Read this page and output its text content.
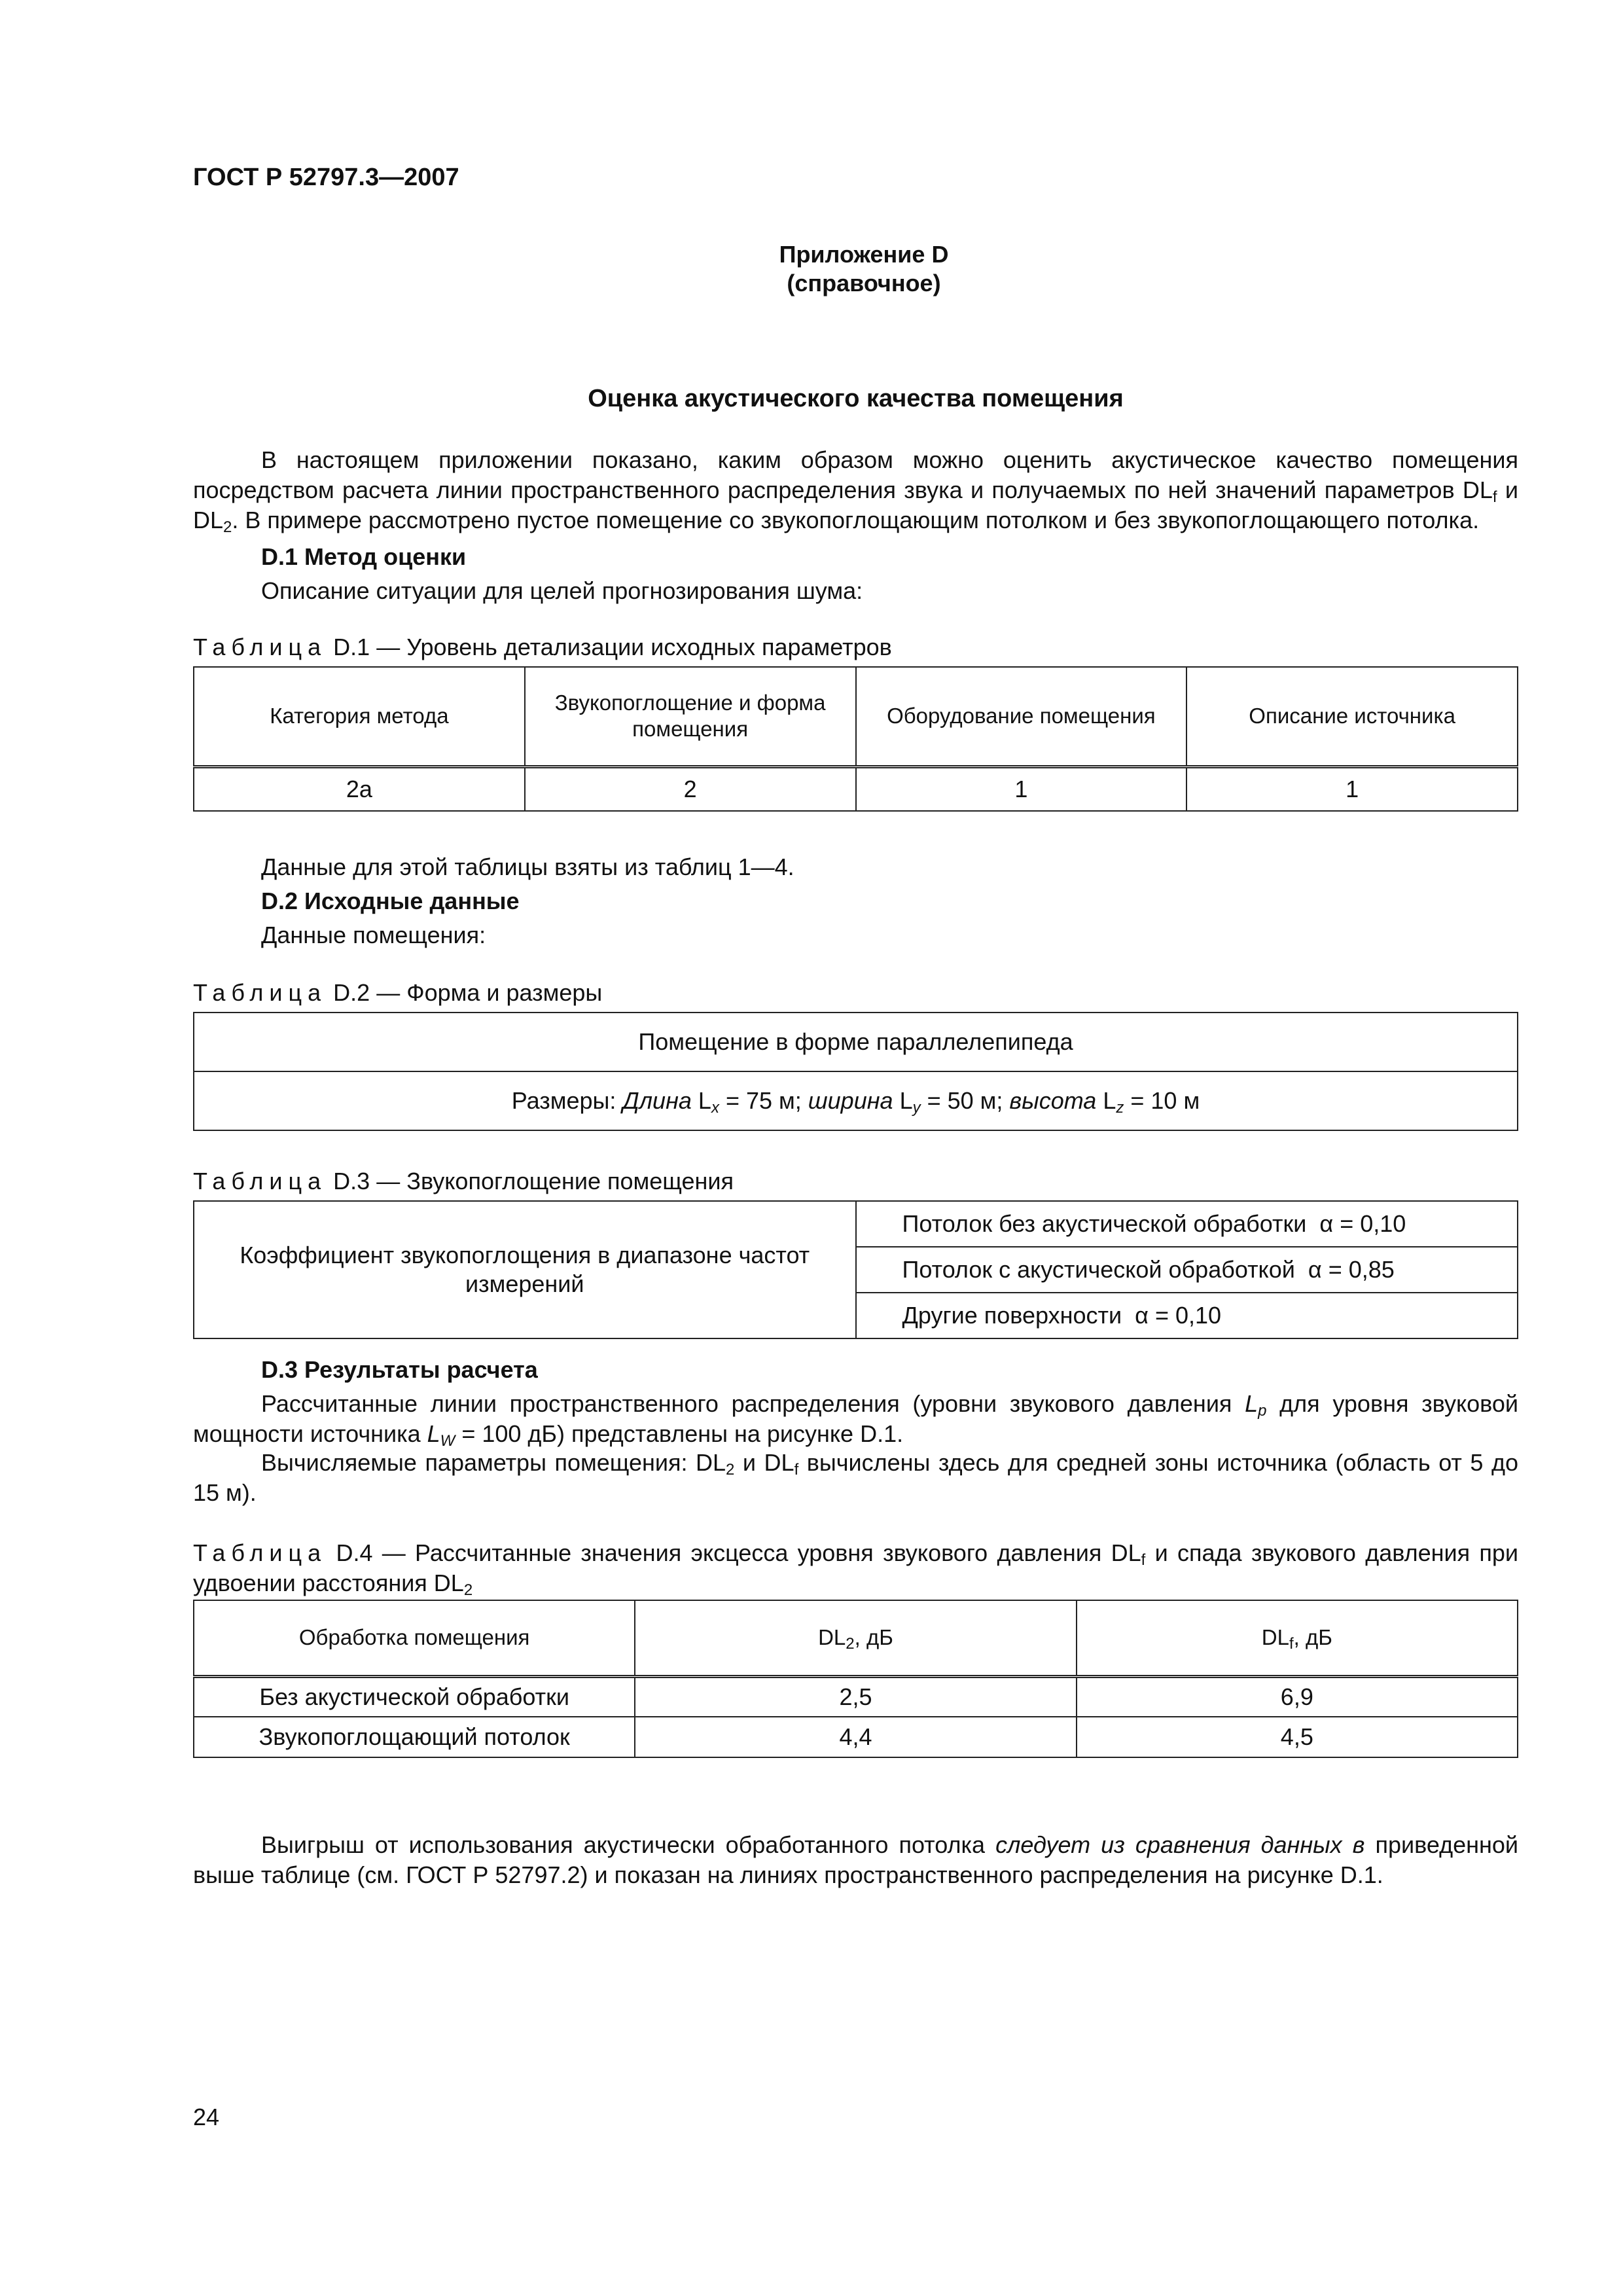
ГОСТ Р 52797.3—2007
Приложение D
(справочное)
Оценка акустического качества помещения
В настоящем приложении показано, каким образом можно оценить акустическое качество помещения посредством расчета линии пространственного распределения звука и получаемых по ней значений параметров $DL_f$ и $DL_2$. В примере рассмотрено пустое помещение со звукопоглощающим потолком и без звукопоглощающего потолка.
D.1 Метод оценки
Описание ситуации для целей прогнозирования шума:
Таблица D.1 — Уровень детализации исходных параметров
Категория метода	Звукопоглощение и форма помещения	Оборудование помещения	Описание источника
2a	2	1	1
Данные для этой таблицы взяты из таблиц 1—4.
D.2 Исходные данные
Данные помещения:
Таблица D.2 — Форма и размеры
Помещение в форме параллелепипеда
Размеры: Длина $L_x = 75$ м; ширина $L_y = 50$ м; высота $L_z = 10$ м
Таблица D.3 — Звукопоглощение помещения
Коэффициент звукопоглощения в диапазоне частот измерений	Потолок без акустической обработки α = 0,10
Потолок с акустической обработкой α = 0,85
Другие поверхности α = 0,10
D.3 Результаты расчета
Рассчитанные линии пространственного распределения (уровни звукового давления $L_p$ для уровня звуковой мощности источника $L_W = 100$ дБ) представлены на рисунке D.1.
Вычисляемые параметры помещения: $DL_2$ и $DL_f$ вычислены здесь для средней зоны источника (область от 5 до 15 м).
Таблица D.4 — Рассчитанные значения эксцесса уровня звукового давления $DL_f$ и спада звукового давления при удвоении расстояния $DL_2$
Обработка помещения	$DL_2$, дБ	$DL_f$, дБ
Без акустической обработки	2,5	6,9
Звукопоглощающий потолок	4,4	4,5
Выигрыш от использования акустически обработанного потолка следует из сравнения данных в приведенной выше таблице (см. ГОСТ Р 52797.2) и показан на линиях пространственного распределения на рисунке D.1.
24
